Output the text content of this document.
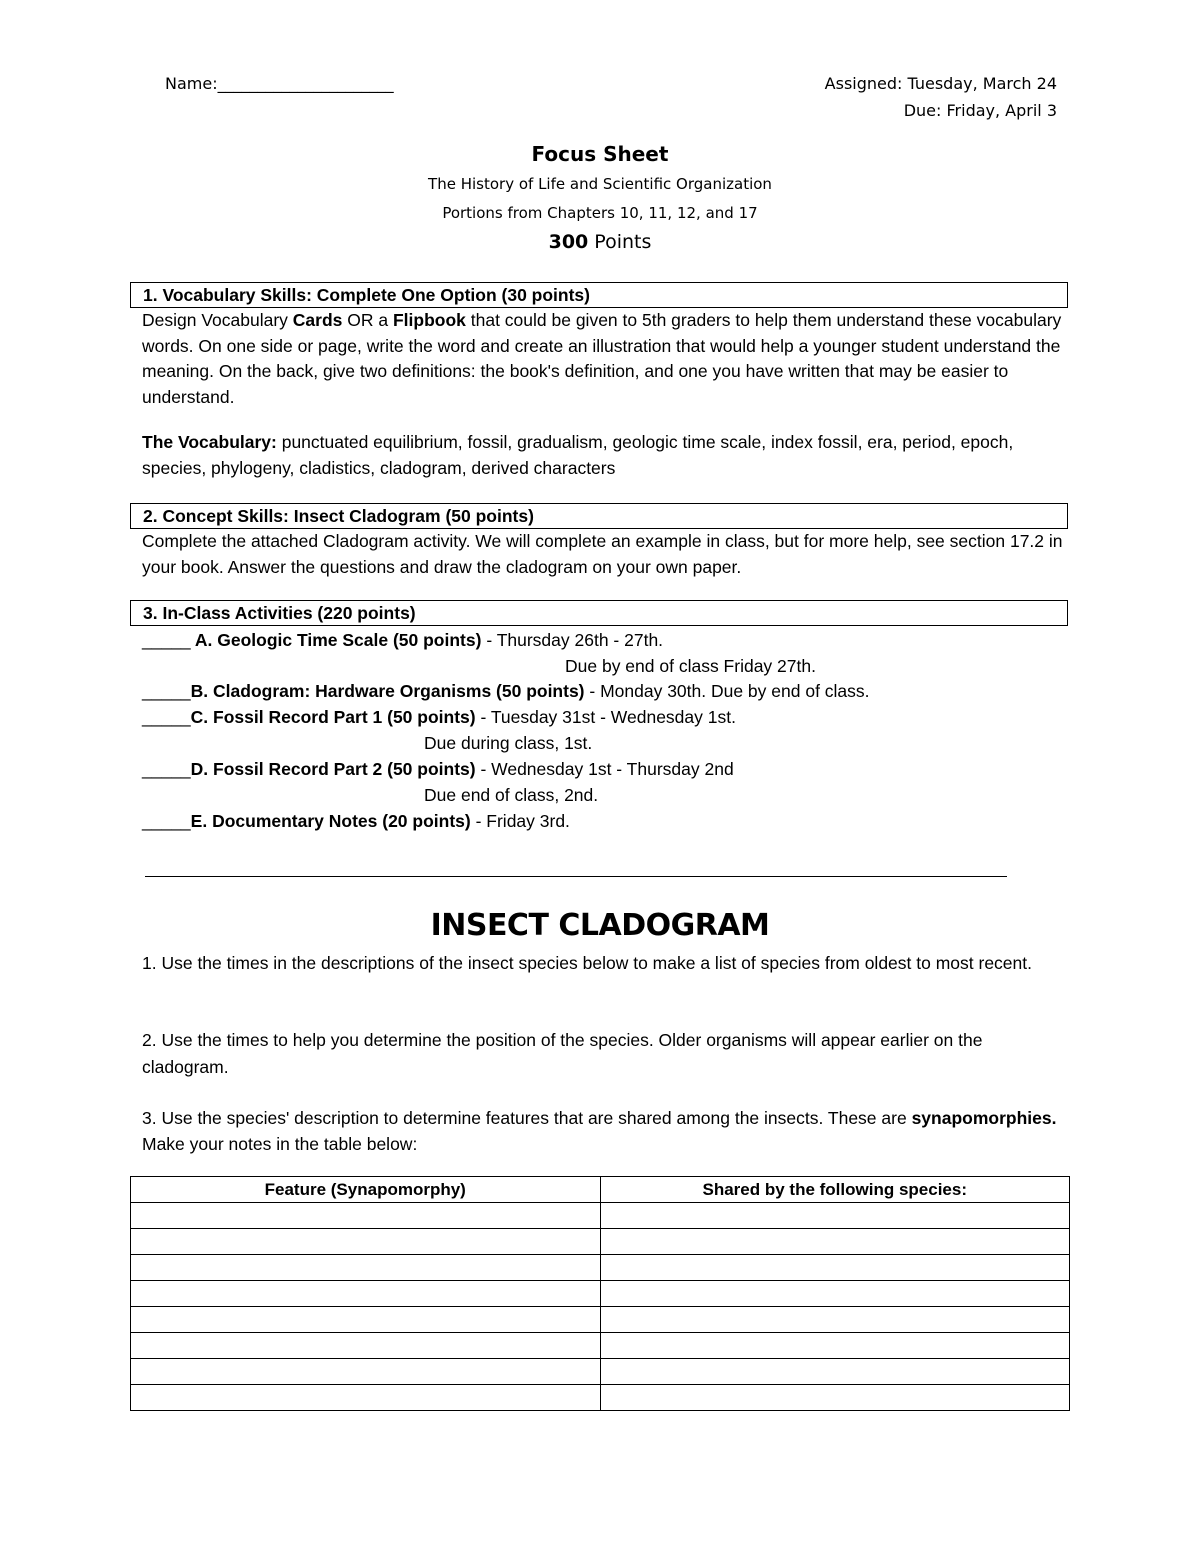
Name:______________________	Assigned: Tuesday, March 24
Due: Friday, April 3
Focus Sheet
The History of Life and Scientific Organization
Portions from Chapters 10, 11, 12, and 17
300 Points
1. Vocabulary Skills: Complete One Option (30 points)
Design Vocabulary Cards OR a Flipbook that could be given to 5th graders to help them understand these vocabulary words. On one side or page, write the word and create an illustration that would help a younger student understand the meaning. On the back, give two definitions: the book's definition, and one you have written that may be easier to understand.
The Vocabulary: punctuated equilibrium, fossil, gradualism, geologic time scale, index fossil, era, period, epoch, species, phylogeny, cladistics, cladogram, derived characters
2. Concept Skills: Insect Cladogram (50 points)
Complete the attached Cladogram activity. We will complete an example in class, but for more help, see section 17.2 in your book. Answer the questions and draw the cladogram on your own paper.
3. In-Class Activities (220 points)
_____ A. Geologic Time Scale (50 points) - Thursday 26th - 27th.
Due by end of class Friday 27th.
_____B. Cladogram: Hardware Organisms (50 points) - Monday 30th. Due by end of class.
_____C. Fossil Record Part 1 (50 points) - Tuesday 31st - Wednesday 1st.
Due during class, 1st.
_____D. Fossil Record Part 2 (50 points) - Wednesday 1st - Thursday 2nd
Due end of class, 2nd.
_____E. Documentary Notes (20 points) - Friday 3rd.
INSECT CLADOGRAM
1. Use the times in the descriptions of the insect species below to make a list of species from oldest to most recent.
2. Use the times to help you determine the position of the species. Older organisms will appear earlier on the cladogram.
3. Use the species' description to determine features that are shared among the insects. These are synapomorphies. Make your notes in the table below:
Feature (Synapomorphy)	Shared by the following species:
